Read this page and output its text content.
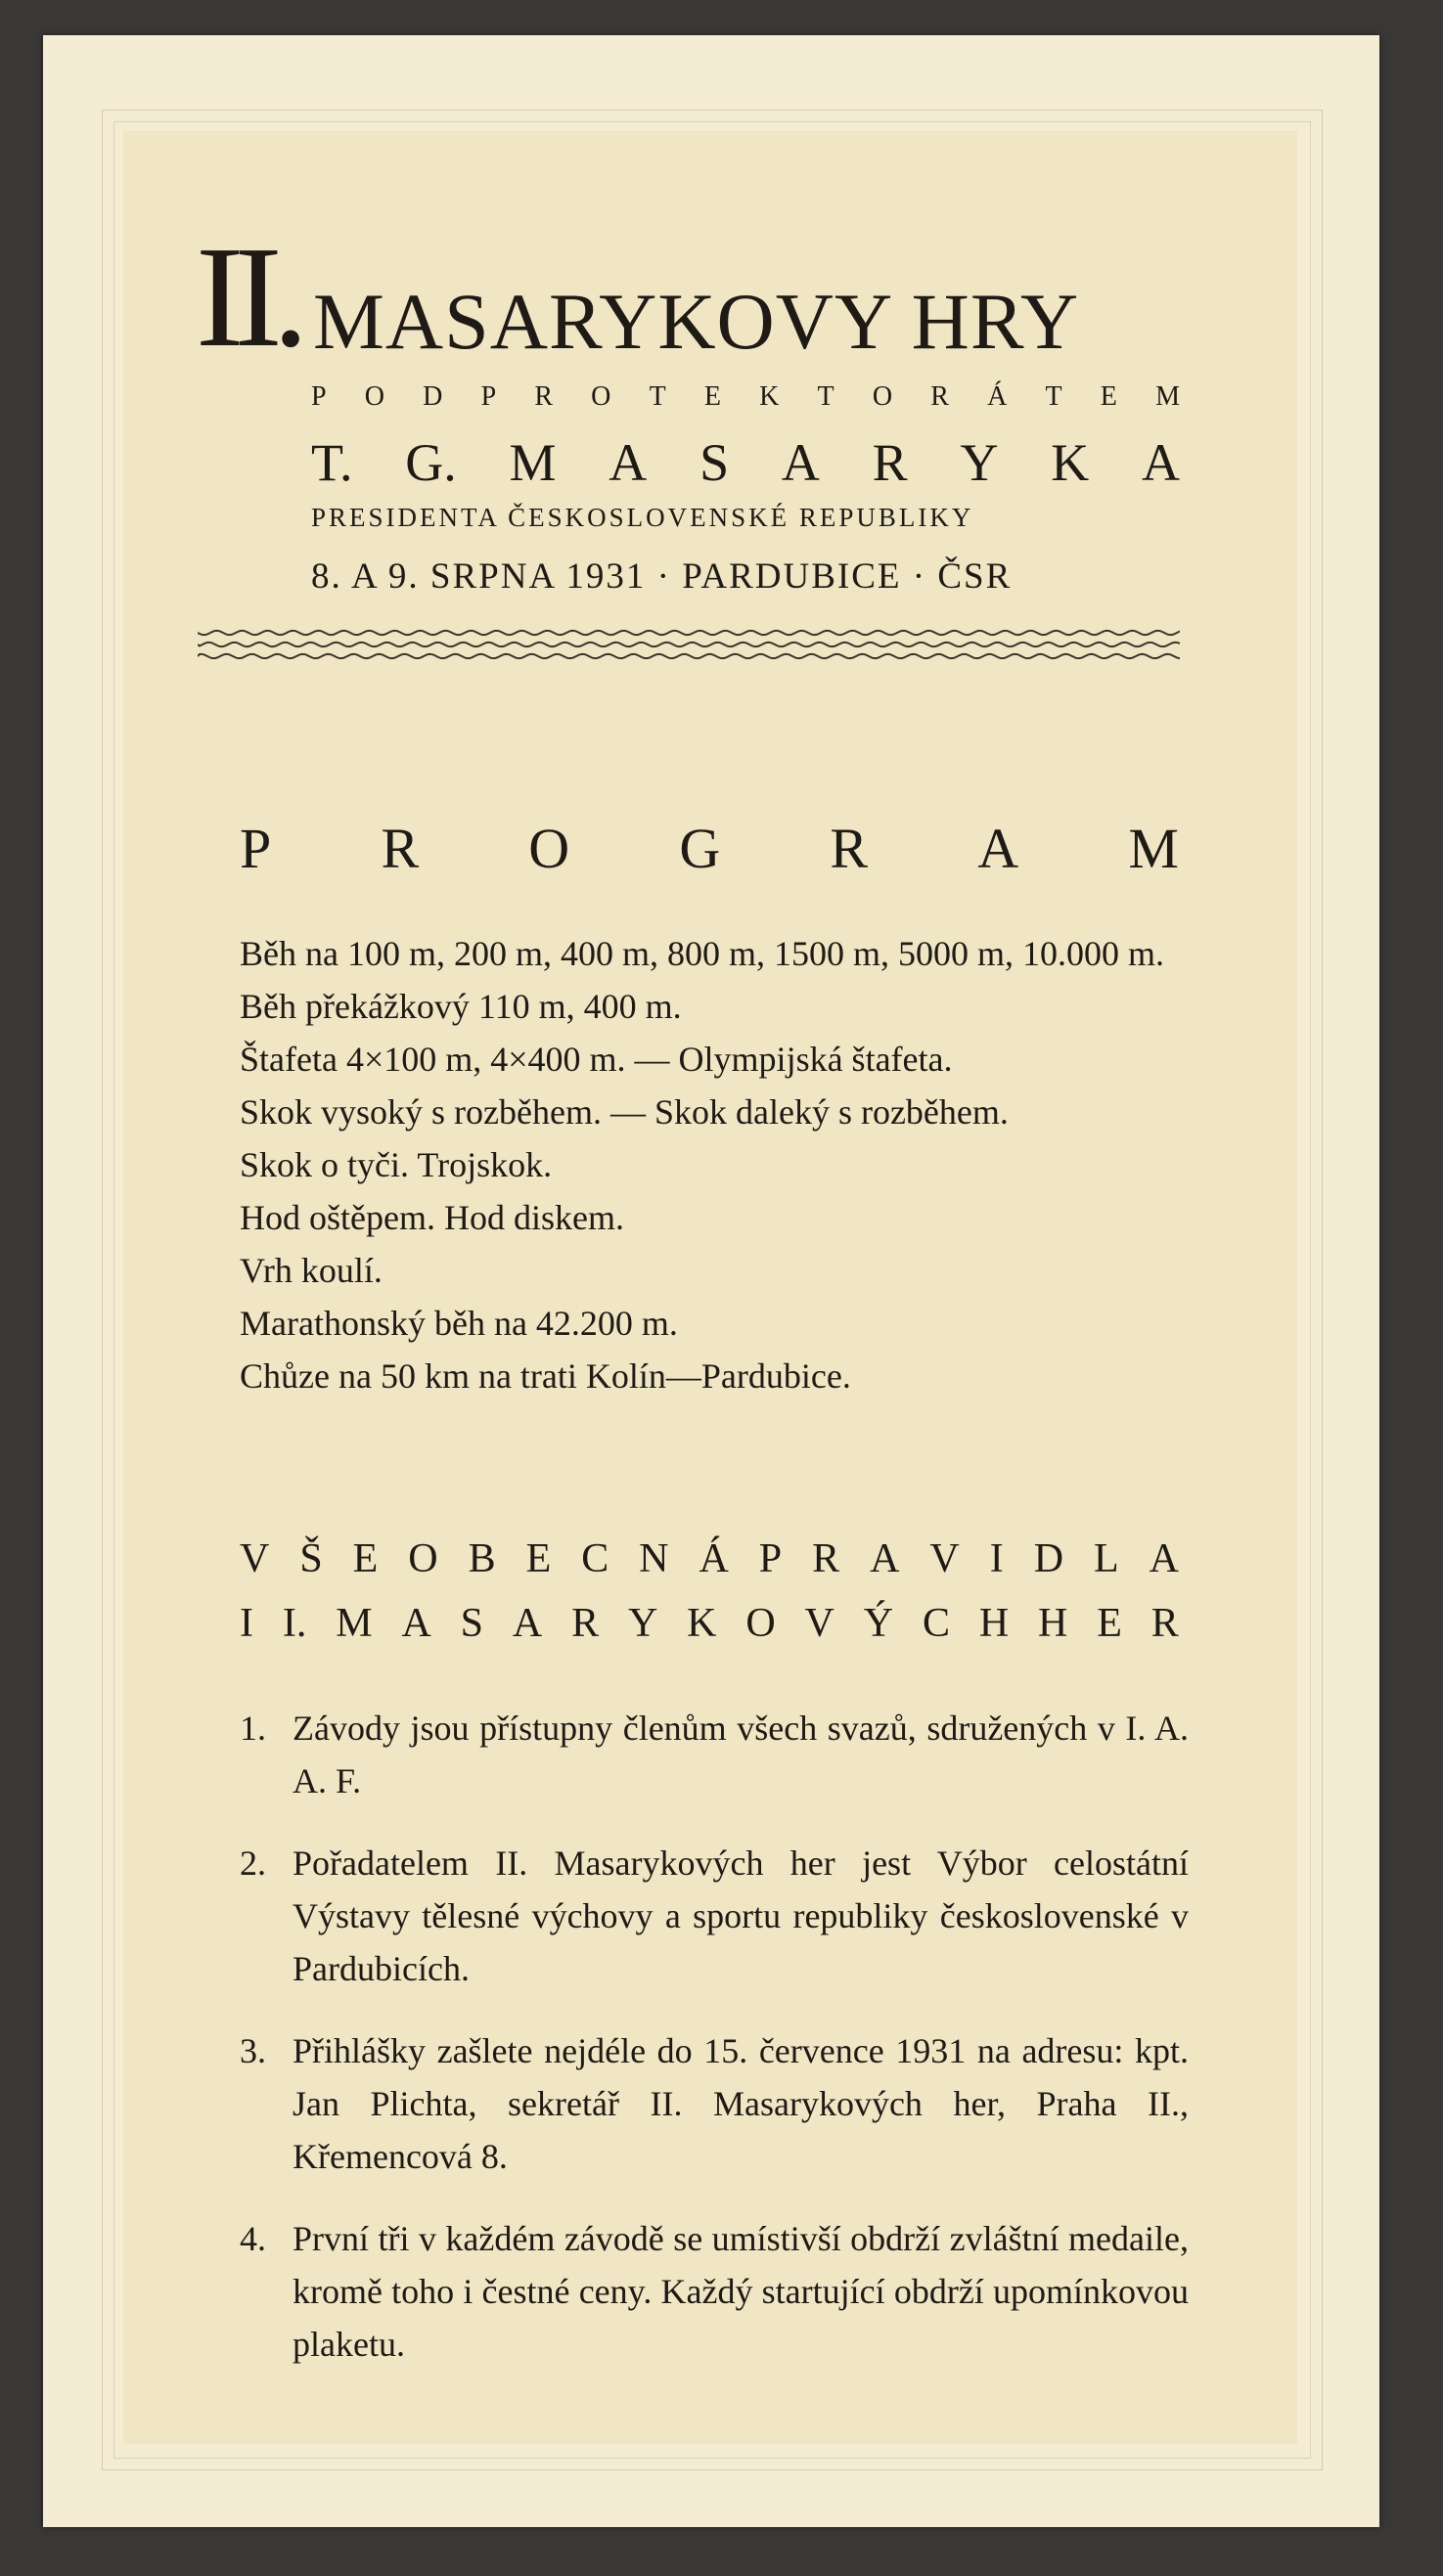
II. MASARYKOVY HRY
P O D P R O T E K T O R Á T E M
T. G. M A S A R Y K A
PRESIDENTA ČESKOSLOVENSKÉ REPUBLIKY
8. A 9. SRPNA 1931 · PARDUBICE · ČSR
P R O G R A M
Běh na 100 m, 200 m, 400 m, 800 m, 1500 m, 5000 m, 10.000 m.
Běh překážkový 110 m, 400 m.
Štafeta 4×100 m, 4×400 m. — Olympijská štafeta.
Skok vysoký s rozběhem. — Skok daleký s rozběhem.
Skok o tyči. Trojskok.
Hod oštěpem. Hod diskem.
Vrh koulí.
Marathonský běh na 42.200 m.
Chůze na 50 km na trati Kolín—Pardubice.
V Š E O B E C N Á P R A V I D L A
I I. M A S A R Y K O V Ý C H H E R
1. Závody jsou přístupny členům všech svazů, sdružených v I. A. A. F.
2. Pořadatelem II. Masarykových her jest Výbor celostátní Výstavy tělesné výchovy a sportu republiky československé v Pardubicích.
3. Přihlášky zašlete nejdéle do 15. července 1931 na adresu: kpt. Jan Plichta, sekretář II. Masarykových her, Praha II., Křemencová 8.
4. První tři v každém závodě se umístivší obdrží zvláštní medaile, kromě toho i čestné ceny. Každý startující obdrží upomínkovou plaketu.
